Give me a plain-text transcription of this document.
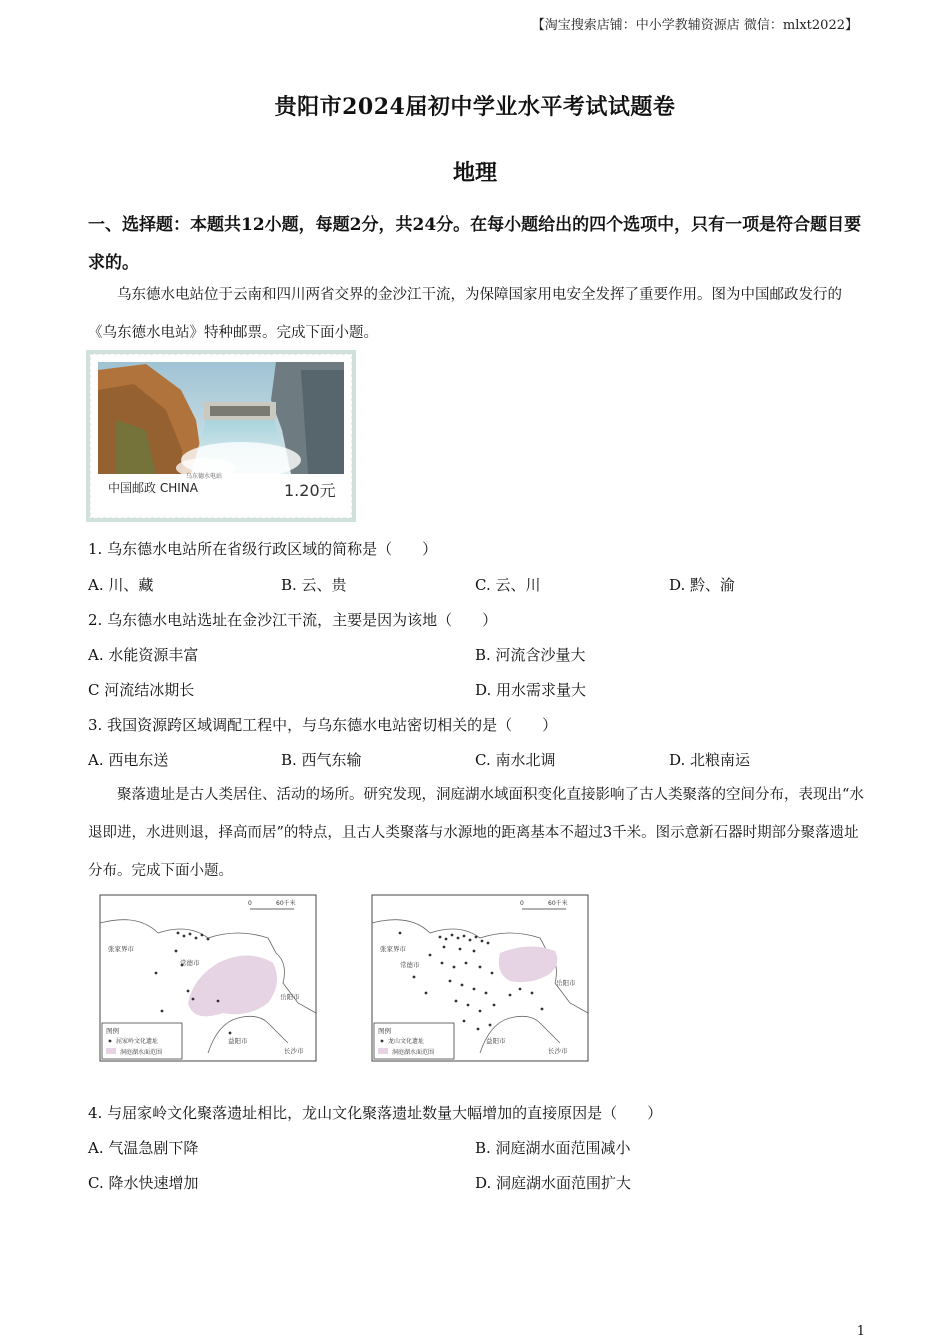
【淘宝搜索店铺：中小学教辅资源店 微信：mlxt2022】
贵阳市2024届初中学业水平考试试题卷
地理
一、选择题：本题共12小题，每题2分，共24分。在每小题给出的四个选项中，只有一项是符合题目要求的。
乌东德水电站位于云南和四川两省交界的金沙江干流，为保障国家用电安全发挥了重要作用。图为中国邮政发行的《乌东德水电站》特种邮票。完成下面小题。
乌东德水电站
中国邮政 CHINA	1.20元
1. 乌东德水电站所在省级行政区域的简称是（　　）
A. 川、藏	B. 云、贵	C. 云、川	D. 黔、渝
2. 乌东德水电站选址在金沙江干流，主要是因为该地（　　）
A. 水能资源丰富	B. 河流含沙量大
C 河流结冰期长	D. 用水需求量大
3. 我国资源跨区域调配工程中，与乌东德水电站密切相关的是（　　）
A. 西电东送	B. 西气东输	C. 南水北调	D. 北粮南运
聚落遗址是古人类居住、活动的场所。研究发现，洞庭湖水域面积变化直接影响了古人类聚落的空间分布，表现出“水退即进，水进则退，择高而居”的特点，且古人类聚落与水源地的距离基本不超过3千米。图示意新石器时期部分聚落遗址分布。完成下面小题。
0	60千米
张家界市
常德市
岳阳市
益阳市
长沙市
图例
屈家岭文化遗址
洞庭湖水面范围
0	60千米
张家界市
常德市
岳阳市
益阳市
长沙市
图例
龙山文化遗址
洞庭湖水面范围
4. 与屈家岭文化聚落遗址相比，龙山文化聚落遗址数量大幅增加的直接原因是（　　）
A. 气温急剧下降	B. 洞庭湖水面范围减小
C. 降水快速增加	D. 洞庭湖水面范围扩大
1
